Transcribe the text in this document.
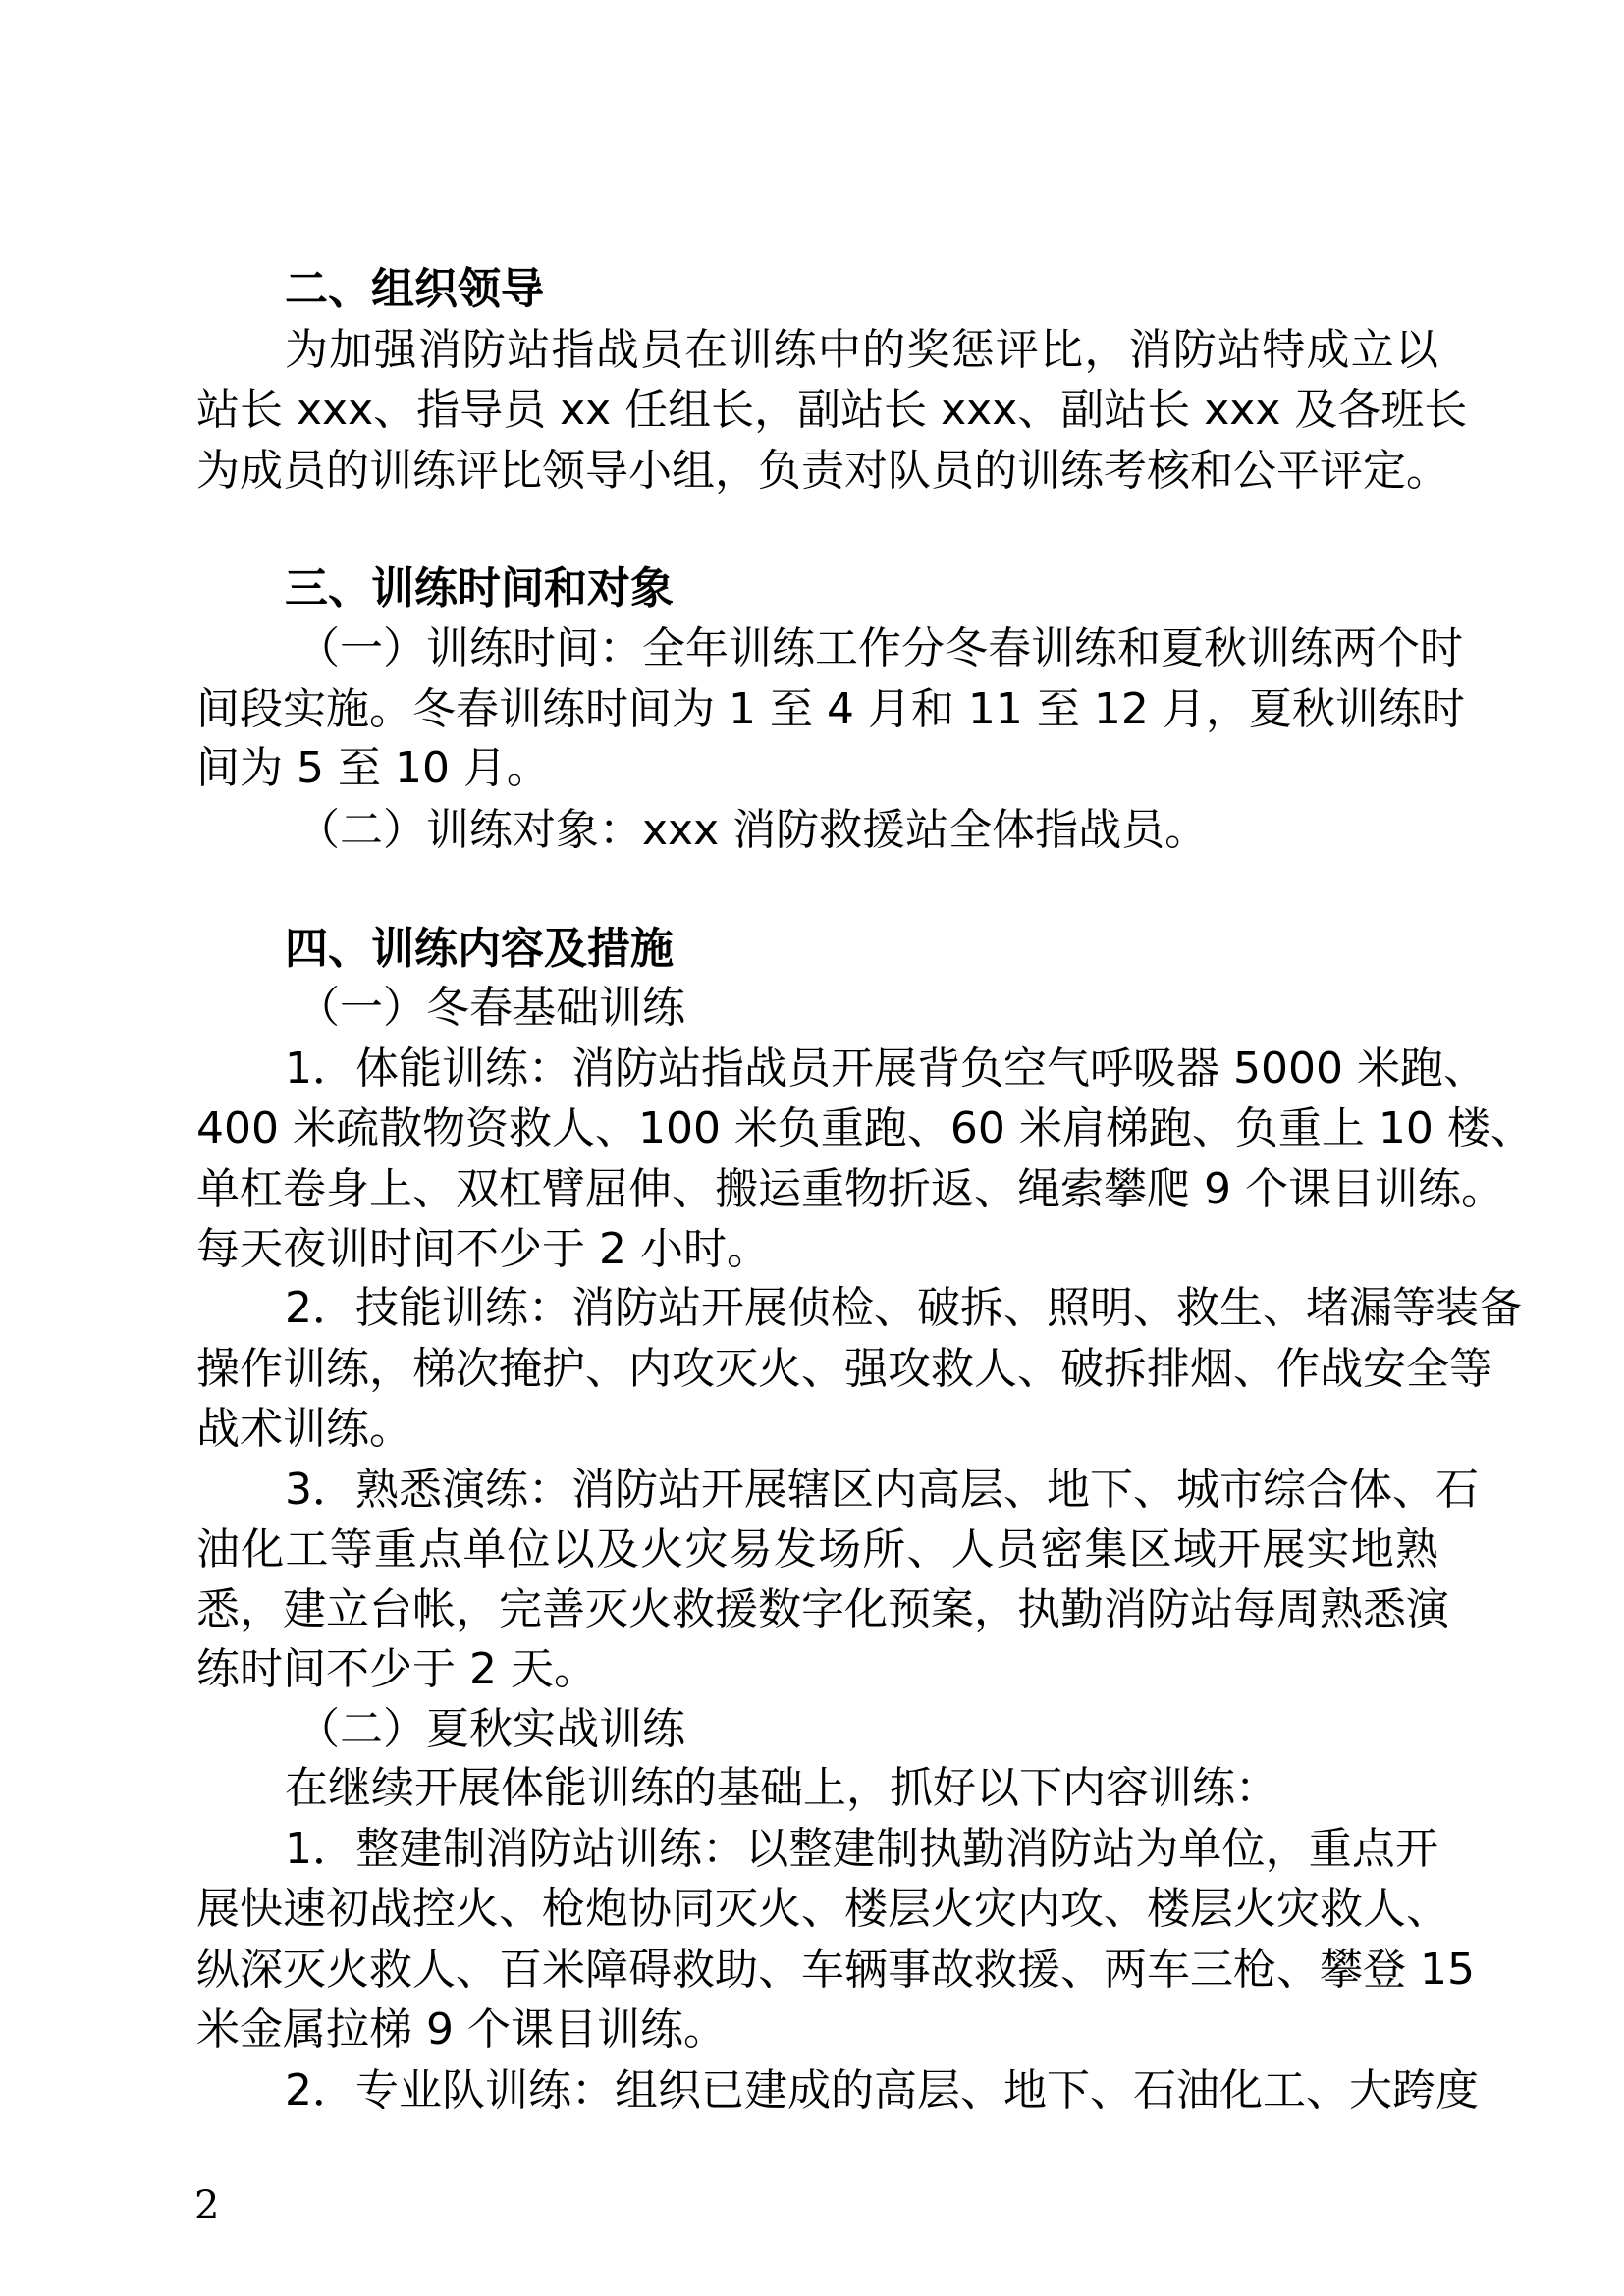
二、组织领导
为加强消防站指战员在训练中的奖惩评比，消防站特成立以
站长 xxx、指导员 xx 任组长，副站长 xxx、副站长 xxx 及各班长
为成员的训练评比领导小组，负责对队员的训练考核和公平评定。
三、训练时间和对象
（一）训练时间：全年训练工作分冬春训练和夏秋训练两个时
间段实施。冬春训练时间为 1 至 4 月和 11 至 12 月，夏秋训练时
间为 5 至 10 月。
（二）训练对象：xxx 消防救援站全体指战员。
四、训练内容及措施
（一）冬春基础训练
1．体能训练：消防站指战员开展背负空气呼吸器 5000 米跑、
400 米疏散物资救人、100 米负重跑、60 米肩梯跑、负重上 10 楼、
单杠卷身上、双杠臂屈伸、搬运重物折返、绳索攀爬 9 个课目训练。
每天夜训时间不少于 2 小时。
2．技能训练：消防站开展侦检、破拆、照明、救生、堵漏等装备
操作训练，梯次掩护、内攻灭火、强攻救人、破拆排烟、作战安全等
战术训练。
3．熟悉演练：消防站开展辖区内高层、地下、城市综合体、石
油化工等重点单位以及火灾易发场所、人员密集区域开展实地熟
悉，建立台帐，完善灭火救援数字化预案，执勤消防站每周熟悉演
练时间不少于 2 天。
（二）夏秋实战训练
在继续开展体能训练的基础上，抓好以下内容训练：
1．整建制消防站训练：以整建制执勤消防站为单位，重点开
展快速初战控火、枪炮协同灭火、楼层火灾内攻、楼层火灾救人、
纵深灭火救人、百米障碍救助、车辆事故救援、两车三枪、攀登 15
米金属拉梯 9 个课目训练。
2．专业队训练：组织已建成的高层、地下、石油化工、大跨度
2
